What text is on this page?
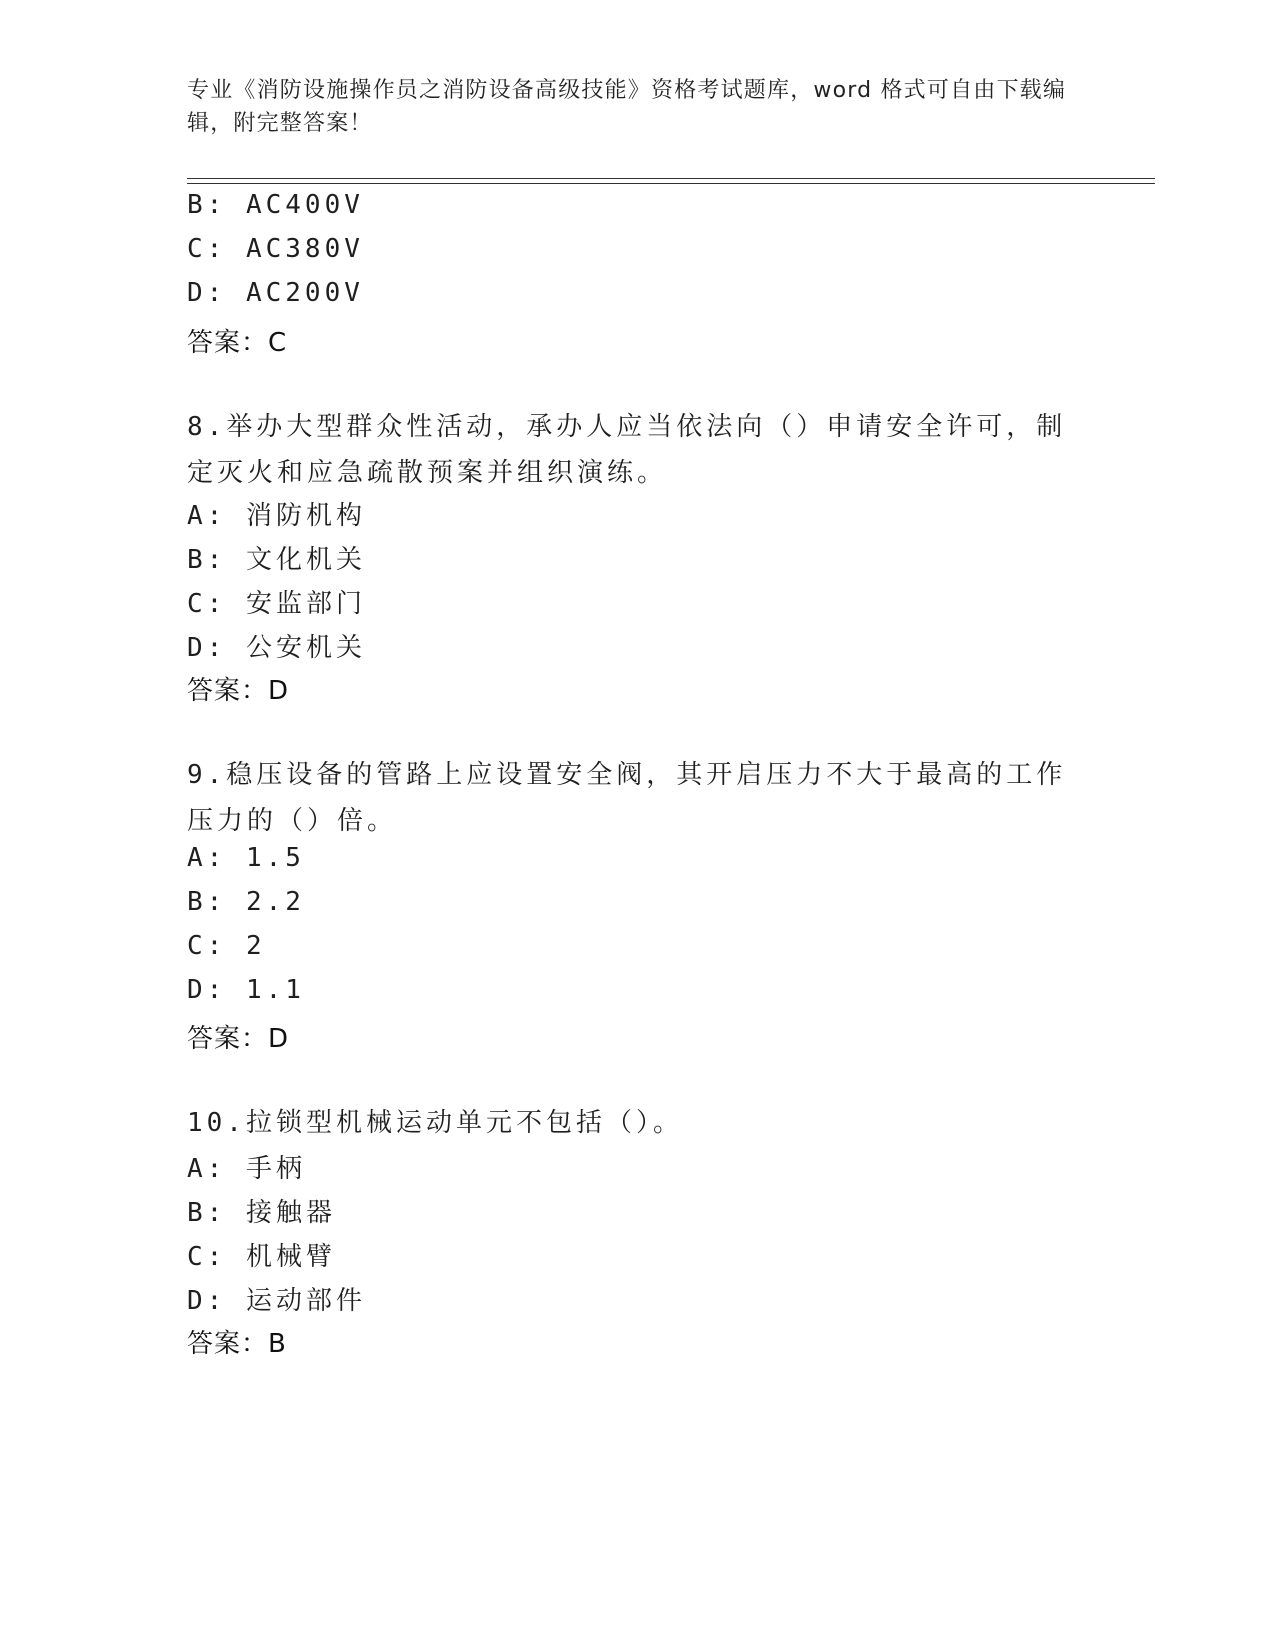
专业《消防设施操作员之消防设备高级技能》资格考试题库，word 格式可自由下载编辑，附完整答案！
B: AC400V
C: AC380V
D: AC200V
答案：C
8.举办大型群众性活动，承办人应当依法向（）申请安全许可，制定灭火和应急疏散预案并组织演练。
A: 消防机构
B: 文化机关
C: 安监部门
D: 公安机关
答案：D
9.稳压设备的管路上应设置安全阀，其开启压力不大于最高的工作压力的（）倍。
A: 1.5
B: 2.2
C: 2
D: 1.1
答案：D
10.拉锁型机械运动单元不包括（）。
A: 手柄
B: 接触器
C: 机械臂
D: 运动部件
答案：B
